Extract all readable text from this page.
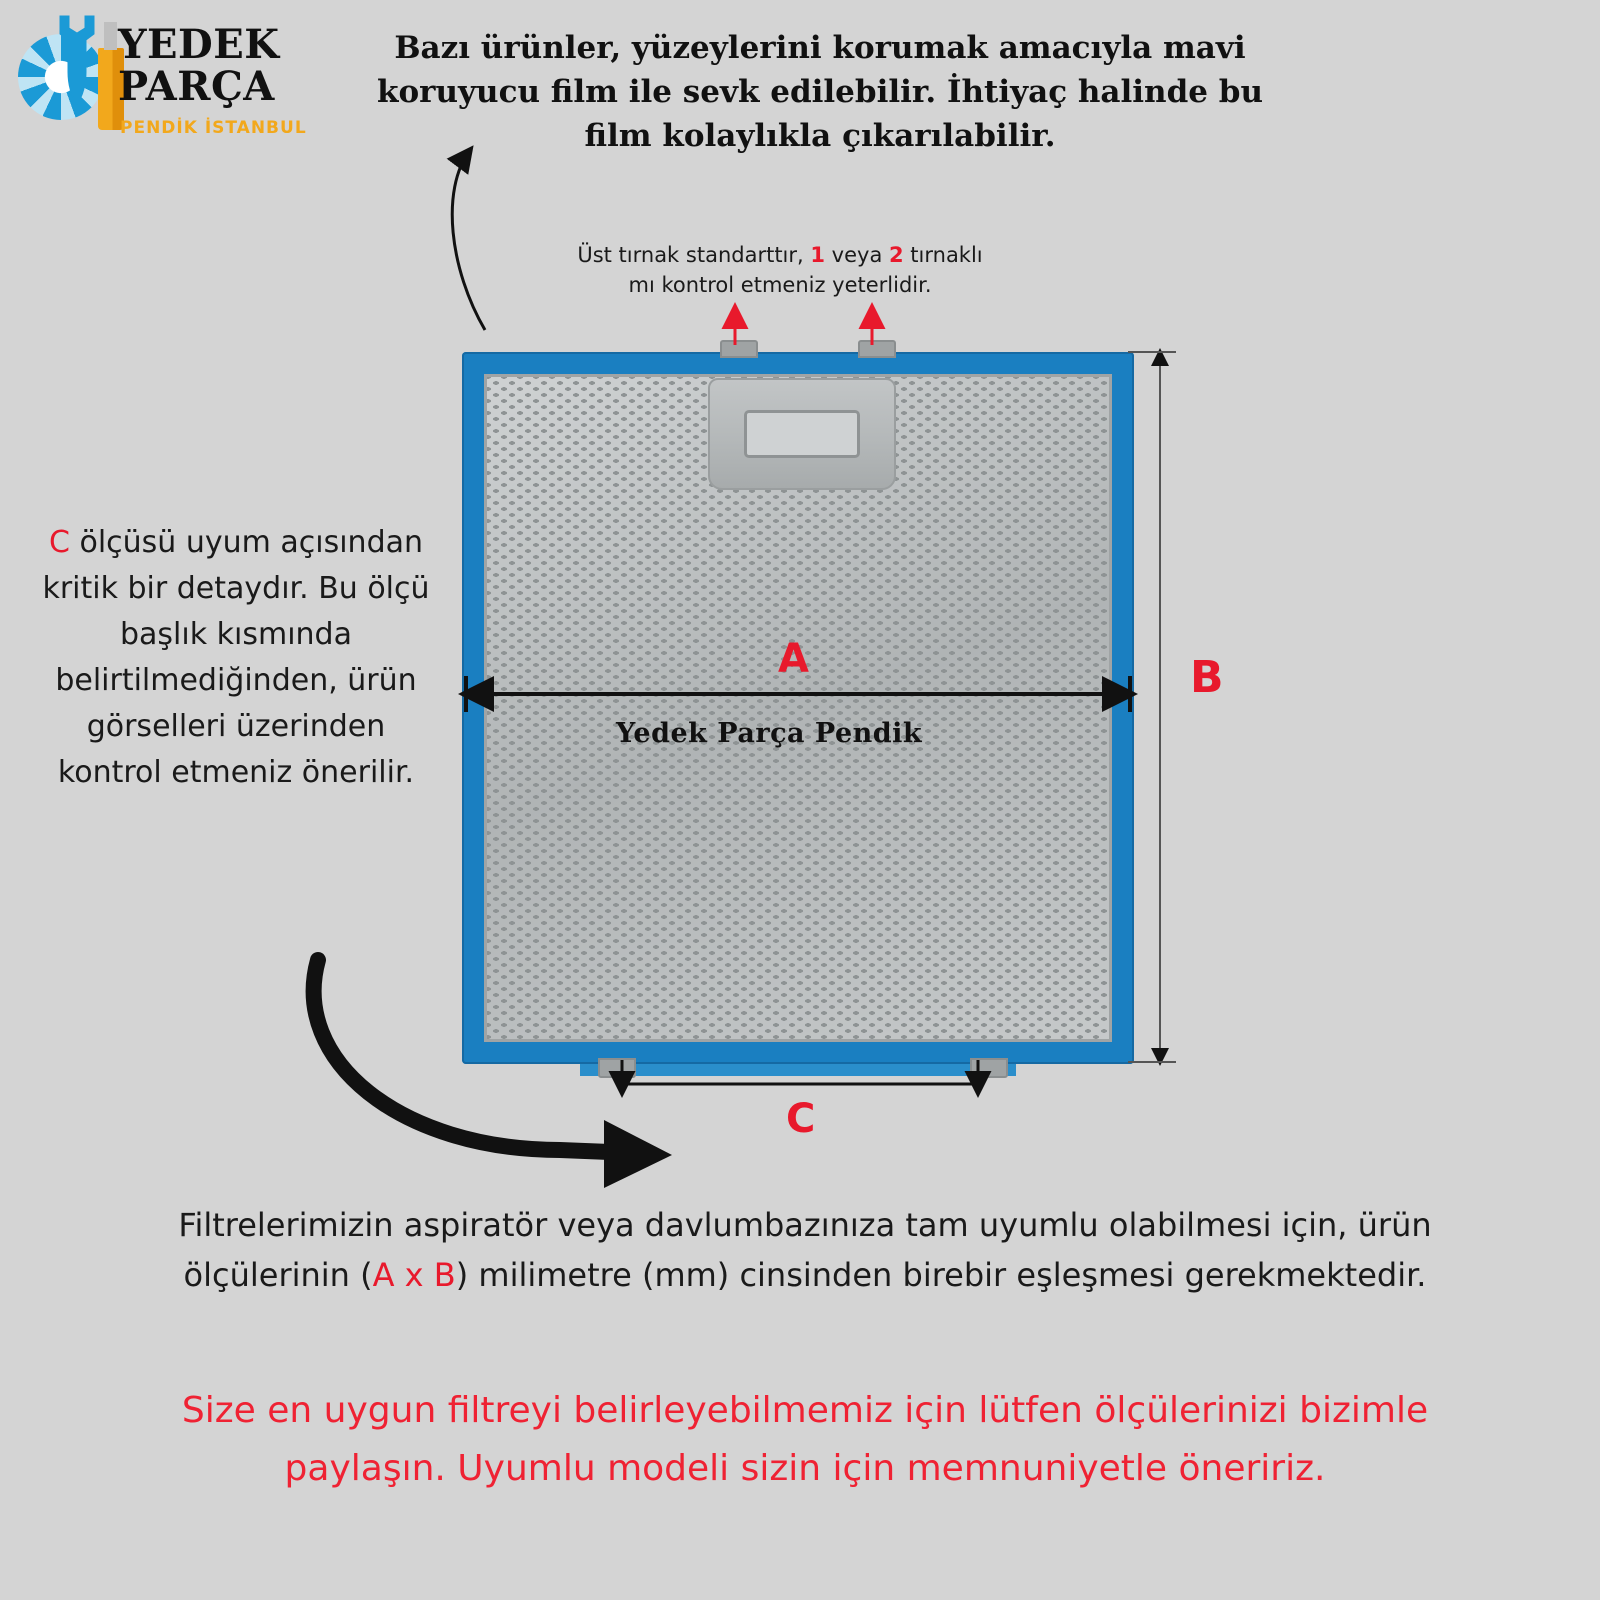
YEDEK
PARÇA
PENDİK İSTANBUL
Bazı ürünler, yüzeylerini korumak amacıyla mavi koruyucu film ile sevk edilebilir. İhtiyaç halinde bu film kolaylıkla çıkarılabilir.
Üst tırnak standarttır, 1 veya 2 tırnaklı
mı kontrol etmeniz yeterlidir.
Yedek Parça Pendik
A	B
C
C ölçüsü uyum açısından kritik bir detaydır. Bu ölçü başlık kısmında belirtilmediğinden, ürün görselleri üzerinden kontrol etmeniz önerilir.
Filtrelerimizin aspiratör veya davlumbazınıza tam uyumlu olabilmesi için, ürün ölçülerinin (A x B) milimetre (mm) cinsinden birebir eşleşmesi gerekmektedir.
Size en uygun filtreyi belirleyebilmemiz için lütfen ölçülerinizi bizimle paylaşın. Uyumlu modeli sizin için memnuniyetle öneririz.
